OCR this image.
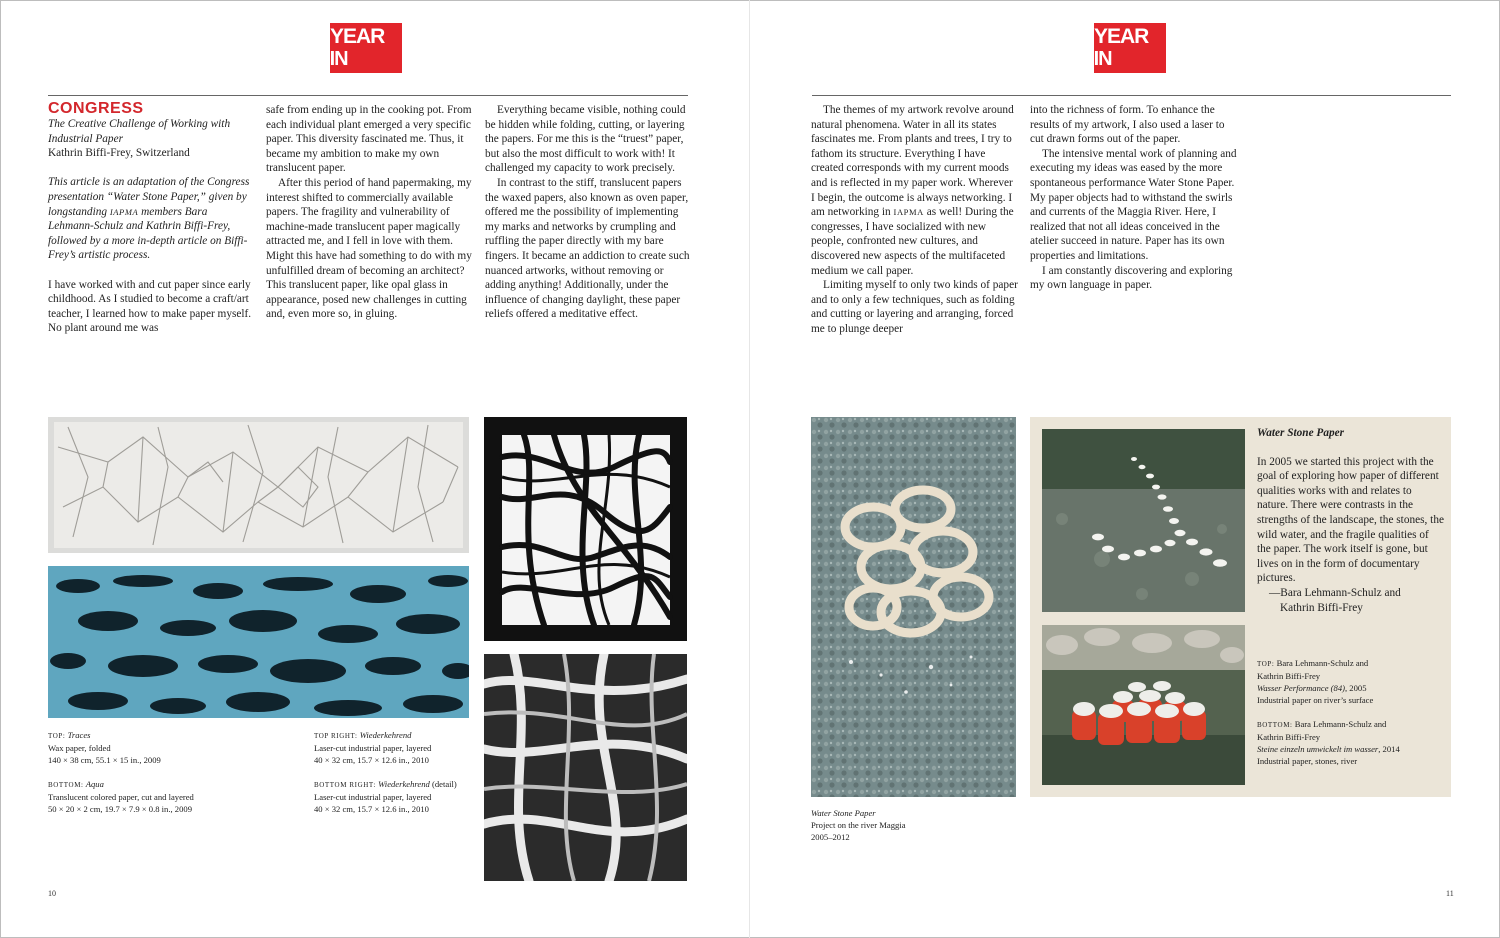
THE YEAR
IN REVIEW
THE YEAR
IN REVIEW

CONGRESS

The Creative Challenge of Working with Industrial Paper

Kathrin Biffi-Frey, Switzerland

This article is an adaptation of the Congress presentation “Water Stone Paper,” given by longstanding IAPMA members Bara Lehmann-Schulz and Kathrin Biffi-Frey, followed by a more in-depth article on Biffi-Frey’s artistic process.

I have worked with and cut paper since early childhood. As I studied to become a craft/art teacher, I learned how to make paper myself. No plant around me was

safe from ending up in the cooking pot. From each individual plant emerged a very specific paper. This diversity fascinated me. Thus, it became my ambition to make my own translucent paper.

After this period of hand papermaking, my interest shifted to commercially available papers. The fragility and vulnerability of machine-made translucent paper magically attracted me, and I fell in love with them. Might this have had something to do with my unfulfilled dream of becoming an architect? This translucent paper, like opal glass in appearance, posed new challenges in cutting and, even more so, in gluing.

Everything became visible, nothing could be hidden while folding, cutting, or layering the papers. For me this is the “truest” paper, but also the most difficult to work with! It challenged my capacity to work precisely.

In contrast to the stiff, translucent papers the waxed papers, also known as oven paper, offered me the possibility of implementing my marks and networks by crumpling and ruffling the paper directly with my bare fingers. It became an addiction to create such nuanced artworks, without removing or adding anything! Additionally, under the influence of changing daylight, these paper reliefs offered a meditative effect.

TOP: Traces
Wax paper, folded
140 × 38 cm, 55.1 × 15 in., 2009
BOTTOM: Aqua
Translucent colored paper, cut and layered
50 × 20 × 2 cm, 19.7 × 7.9 × 0.8 in., 2009
TOP RIGHT: Wiederkehrend
Laser-cut industrial paper, layered
40 × 32 cm, 15.7 × 12.6 in., 2010
BOTTOM RIGHT: Wiederkehrend (detail)
Laser-cut industrial paper, layered
40 × 32 cm, 15.7 × 12.6 in., 2010
10

The themes of my artwork revolve around natural phenomena. Water in all its states fascinates me. From plants and trees, I try to fathom its structure. Everything I have created corresponds with my current moods and is reflected in my paper work. Wherever I begin, the outcome is always networking. I am networking in IAPMA as well! During the congresses, I have socialized with new people, confronted new cultures, and discovered new aspects of the multifaceted medium we call paper.

Limiting myself to only two kinds of paper and to only a few techniques, such as folding and cutting or layering and arranging, forced me to plunge deeper

into the richness of form. To enhance the results of my artwork, I also used a laser to cut drawn forms out of the paper.

The intensive mental work of planning and executing my ideas was eased by the more spontaneous performance Water Stone Paper. My paper objects had to withstand the swirls and currents of the Maggia River. Here, I realized that not all ideas conceived in the atelier succeed in nature. Paper has its own properties and limitations.

I am constantly discovering and exploring my own language in paper.

Water Stone Paper
Project on the river Maggia
2005–2012

Water Stone Paper

In 2005 we started this project with the goal of exploring how paper of different qualities works with and relates to nature. There were contrasts in the strengths of the landscape, the stones, the wild water, and the fragile qualities of the paper. The work itself is gone, but lives on in the form of documentary pictures.

—Bara Lehmann-Schulz and

Kathrin Biffi-Frey

TOP: Bara Lehmann-Schulz and
Kathrin Biffi-Frey
Wasser Performance (84), 2005
Industrial paper on river’s surface
BOTTOM: Bara Lehmann-Schulz and
Kathrin Biffi-Frey
Steine einzeln umwickelt im wasser, 2014
Industrial paper, stones, river
11
